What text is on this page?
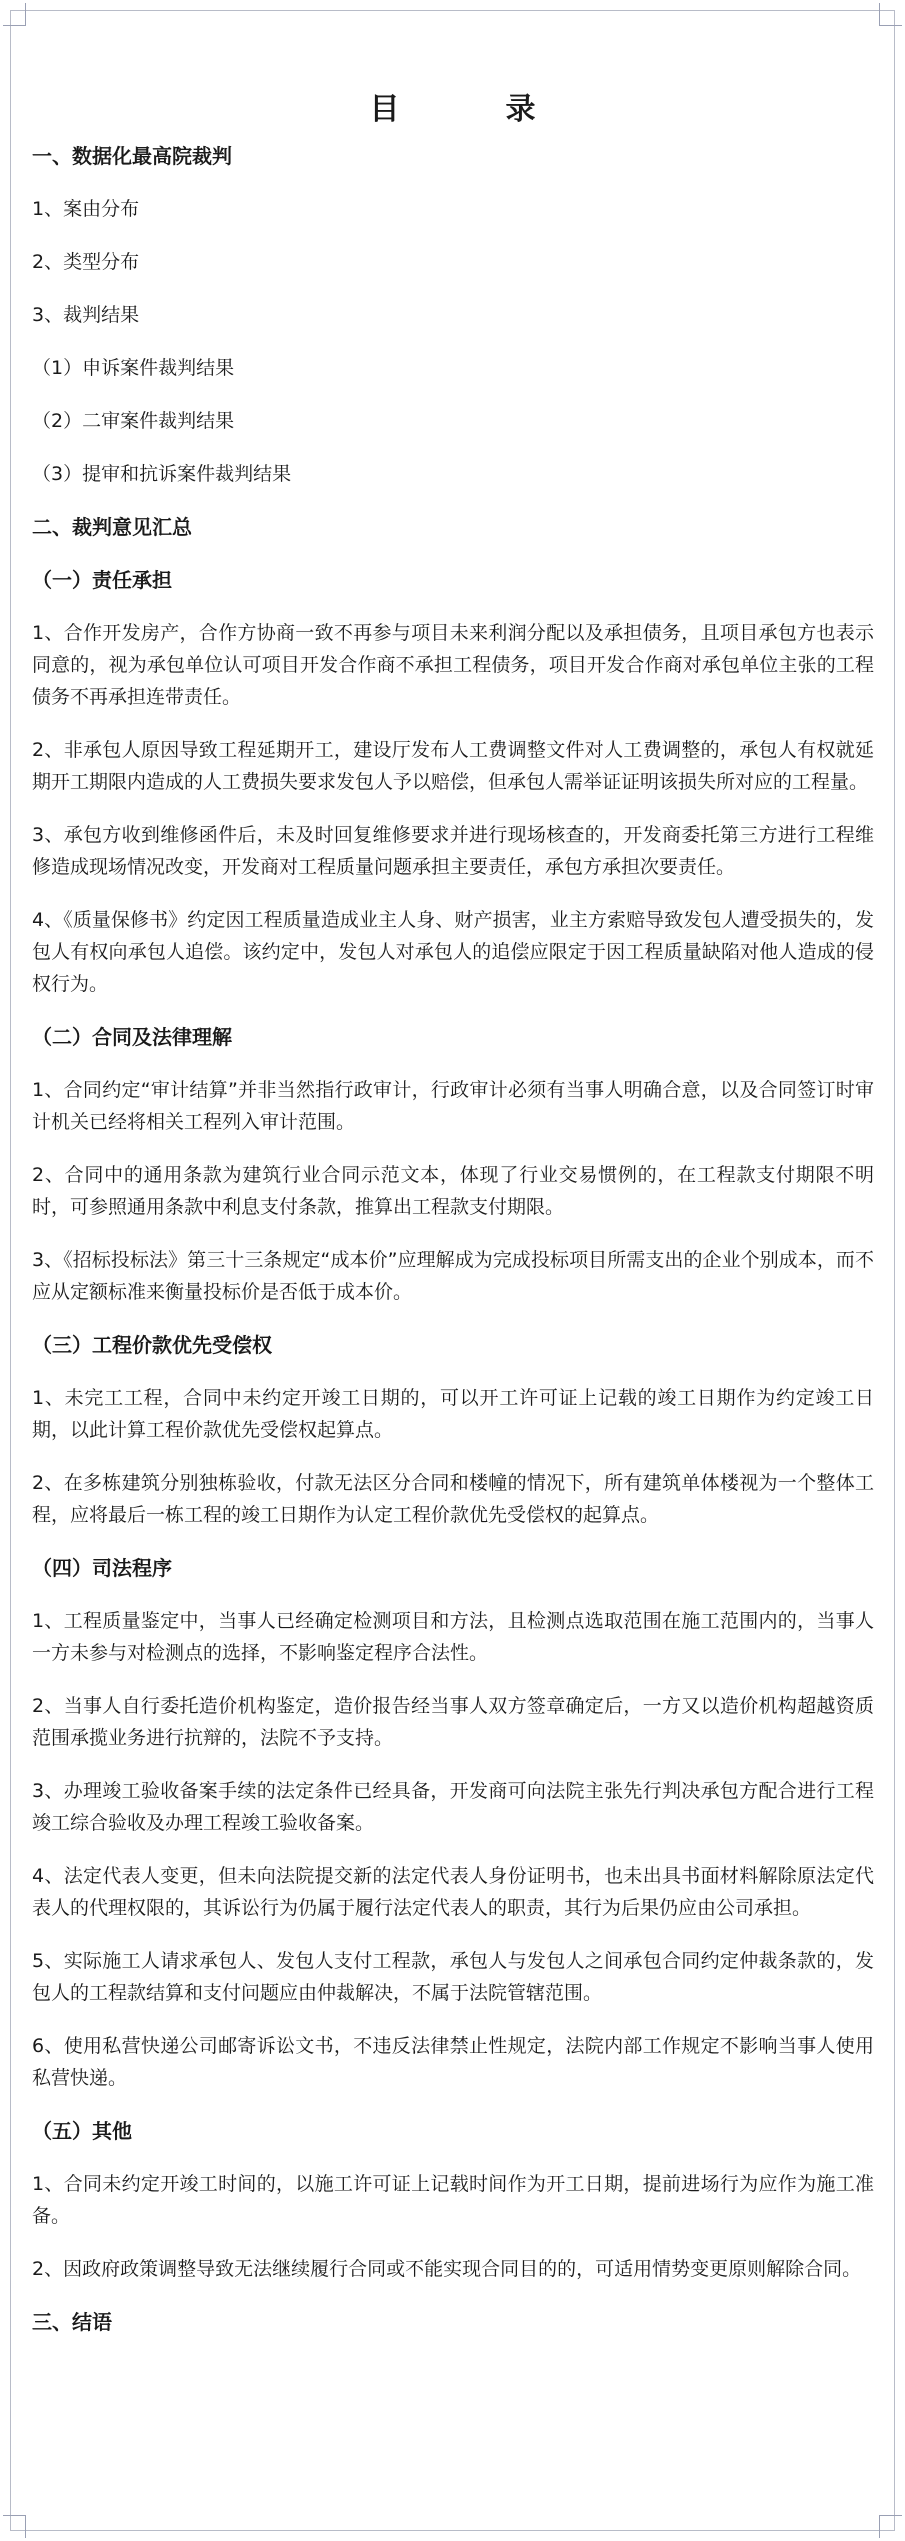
目　录

一、数据化最高院裁判

1、案由分布

2、类型分布

3、裁判结果

（1）申诉案件裁判结果

（2）二审案件裁判结果

（3）提审和抗诉案件裁判结果

二、裁判意见汇总

（一）责任承担

1、合作开发房产，合作方协商一致不再参与项目未来利润分配以及承担债务，且项目承包方也表示同意的，视为承包单位认可项目开发合作商不承担工程债务，项目开发合作商对承包单位主张的工程债务不再承担连带责任。

2、非承包人原因导致工程延期开工，建设厅发布人工费调整文件对人工费调整的，承包人有权就延期开工期限内造成的人工费损失要求发包人予以赔偿，但承包人需举证证明该损失所对应的工程量。

3、承包方收到维修函件后，未及时回复维修要求并进行现场核查的，开发商委托第三方进行工程维修造成现场情况改变，开发商对工程质量问题承担主要责任，承包方承担次要责任。

4、《质量保修书》约定因工程质量造成业主人身、财产损害，业主方索赔导致发包人遭受损失的，发包人有权向承包人追偿。该约定中，发包人对承包人的追偿应限定于因工程质量缺陷对他人造成的侵权行为。

（二）合同及法律理解

1、合同约定“审计结算”并非当然指行政审计，行政审计必须有当事人明确合意，以及合同签订时审计机关已经将相关工程列入审计范围。

2、合同中的通用条款为建筑行业合同示范文本，体现了行业交易惯例的，在工程款支付期限不明时，可参照通用条款中利息支付条款，推算出工程款支付期限。

3、《招标投标法》第三十三条规定“成本价”应理解成为完成投标项目所需支出的企业个别成本，而不应从定额标准来衡量投标价是否低于成本价。

（三）工程价款优先受偿权

1、未完工工程，合同中未约定开竣工日期的，可以开工许可证上记载的竣工日期作为约定竣工日期，以此计算工程价款优先受偿权起算点。

2、在多栋建筑分别独栋验收，付款无法区分合同和楼幢的情况下，所有建筑单体楼视为一个整体工程，应将最后一栋工程的竣工日期作为认定工程价款优先受偿权的起算点。

（四）司法程序

1、工程质量鉴定中，当事人已经确定检测项目和方法，且检测点选取范围在施工范围内的，当事人一方未参与对检测点的选择，不影响鉴定程序合法性。

2、当事人自行委托造价机构鉴定，造价报告经当事人双方签章确定后，一方又以造价机构超越资质范围承揽业务进行抗辩的，法院不予支持。

3、办理竣工验收备案手续的法定条件已经具备，开发商可向法院主张先行判决承包方配合进行工程竣工综合验收及办理工程竣工验收备案。

4、法定代表人变更，但未向法院提交新的法定代表人身份证明书，也未出具书面材料解除原法定代表人的代理权限的，其诉讼行为仍属于履行法定代表人的职责，其行为后果仍应由公司承担。

5、实际施工人请求承包人、发包人支付工程款，承包人与发包人之间承包合同约定仲裁条款的，发包人的工程款结算和支付问题应由仲裁解决，不属于法院管辖范围。

6、使用私营快递公司邮寄诉讼文书，不违反法律禁止性规定，法院内部工作规定不影响当事人使用私营快递。

（五）其他

1、合同未约定开竣工时间的，以施工许可证上记载时间作为开工日期，提前进场行为应作为施工准备。

2、因政府政策调整导致无法继续履行合同或不能实现合同目的的，可适用情势变更原则解除合同。

三、结语
